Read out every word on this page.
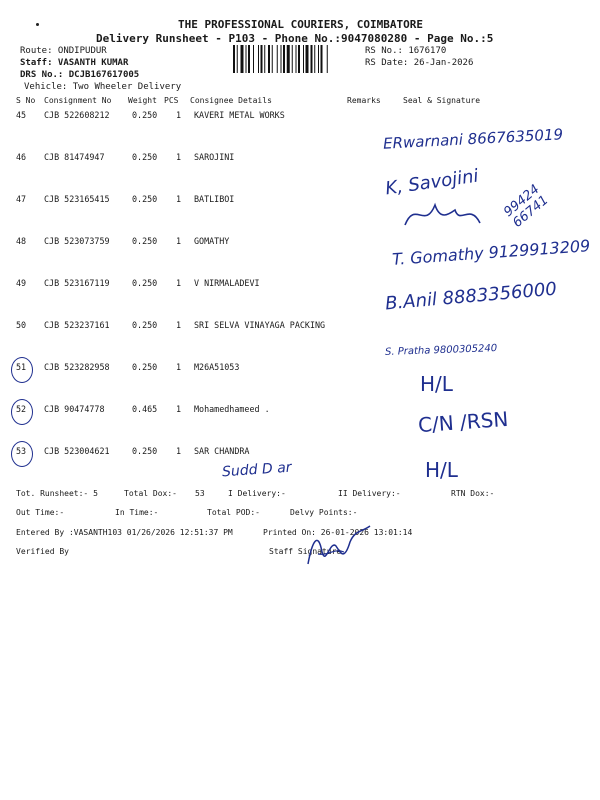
THE PROFESSIONAL COURIERS, COIMBATORE
Delivery Runsheet - P103 - Phone No.:9047080280 - Page No.:5
Route: ONDIPUDUR
Staff: VASANTH KUMAR
DRS No.: DCJB167617005
Vehicle: Two Wheeler Delivery
RS No.: 1676170
RS Date: 26-Jan-2026
S No Consignment No Weight PCS Consignee Details	Remarks	Seal & Signature
45 CJB 522608212	0.250 1 KAVERI METAL WORKS
46 CJB 81474947	0.250 1 SAROJINI
47 CJB 523165415	0.250 1 BATLIBOI
48 CJB 523073759	0.250 1 GOMATHY
49 CJB 523167119	0.250 1 V NIRMALADEVI
50 CJB 523237161	0.250 1 SRI SELVA VINAYAGA PACKING
51 CJB 523282958	0.250 1 M26A51053
52 CJB 90474778	0.465 1 Mohamedhameed .
53 CJB 523004621	0.250 1 SAR CHANDRA
ERwarnani 8667635019
K, Savojini 99424 66741
T. Gomathy 9129913209
B.Anil 8883356000
S. Pratha 9800305240
H/L
C/N /RSN
H/L
Sudd D ar
Tot. Runsheet:- 5	Total Dox:- 53	I Delivery:-	II Delivery:-	RTN Dox:-
Out Time:-	In Time:-	Total POD:-	Delvy Points:-
Entered By :VASANTH103 01/26/2026 12:51:37 PM	Printed On: 26-01-2026 13:01:14
Verified By	Staff Signature
